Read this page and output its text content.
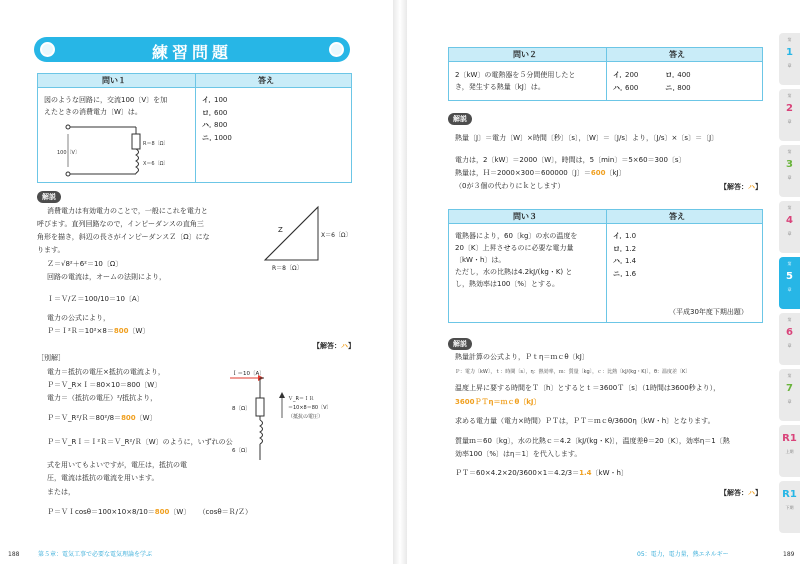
練習問題
問い１	答え
図のような回路に，交流100〔V〕を加
えたときの消費電力〔W〕は。
100〔V〕
R＝8〔Ω〕
X＝6〔Ω〕
イ．100
ロ．600
ハ．800
ニ．1000
解説
消費電力は有効電力のことで，一般にこれを電力と
呼びます。直列回路なので，インピーダンスの直角三
角形を描き，斜辺の長さがインピーダンスＺ〔Ω〕にな
ります。
Z
X＝6〔Ω〕
R＝8〔Ω〕
Ｚ＝√8²＋6²＝10〔Ω〕
回路の電流は，オームの法則により，
Ｉ＝Ｖ/Ｚ＝100/10＝10〔A〕
電力の公式により，
Ｐ＝Ｉ²Ｒ＝10²×8＝800〔W〕
【解答：ハ】
［別解］
電力＝抵抗の電圧×抵抗の電流より，
Ｐ＝Ｖ_R×Ｉ＝80×10＝800〔W〕
電力＝（抵抗の電圧）²/抵抗より，
Ｐ＝Ｖ_R²/Ｒ＝80²/8＝800〔W〕
Ｐ＝Ｖ_RＩ＝Ｉ²Ｒ＝Ｖ_R²/Ｒ〔W〕のように，いずれの公
式を用いてもよいですが，電圧は，抵抗の電
圧，電流は抵抗の電流を用います。
または，
Ｐ＝ＶＩcosθ＝100×10×8/10＝800〔W〕 （cosθ＝Ｒ/Ｚ）
Ｉ＝10〔A〕
8〔Ω〕
6〔Ω〕
Ｖ_R＝ＩＲ
＝10×8＝80〔V〕
（抵抗の電圧）
188	第５章：電気工事で必要な電気理論を学ぶ
問い２	答え
2〔kW〕の電熱器を５分間使用したと
き，発生する熱量〔kJ〕は。
イ．200	ロ．400
ハ．600	ニ．800
解説
熱量〔J〕＝電力〔W〕×時間〔秒〕〔s〕，〔W〕＝〔J/s〕より，〔J/s〕×〔s〕＝〔J〕
電力は，2〔kW〕＝2000〔W〕，時間は，5〔min〕＝5×60＝300〔s〕
熱量は，Ｈ＝2000×300＝600000〔J〕＝600〔kJ〕
（0が３個の代わりにｋとします）	【解答：ハ】
問い３	答え
電熱器により，60〔kg〕の水の温度を
20〔K〕上昇させるのに必要な電力量
〔kW・h〕は。
ただし，水の比熱は4.2kJ/(kg・K) と
し，熱効率は100〔%〕とする。
イ．1.0
ロ．1.2
ハ．1.4
ニ．1.6
（平成30年度下期出題）
解説
熱量計算の公式より，Ｐｔη＝ｍｃθ〔kJ〕
Ｐ：電力〔kW〕，ｔ：時間〔s〕，η：熱効率，ｍ：質量〔kg〕，ｃ：比熱〔kJ/(kg・K)〕，θ：温度差〔K〕
温度上昇に要する時間をＴ〔h〕とするとｔ＝3600Ｔ〔s〕（1時間は3600秒より），
3600ＰＴη＝ｍｃθ〔kJ〕
求める電力量（電力×時間）ＰＴは，ＰＴ＝ｍｃθ/3600η〔kW・h〕となります。
質量ｍ＝60〔kg〕，水の比熱ｃ＝4.2〔kJ/(kg・K)〕，温度差θ＝20〔K〕，効率η＝1〔熱
効率100〔%〕はη＝1〕を代入します。
ＰＴ＝60×4.2×20/3600×1＝4.2/3＝1.4〔kW・h〕
【解答：ハ】
05：電力，電力量，熱エネルギー	189
第
1
章
第
2
章
第
3
章
第
4
章
第
5
章
第
6
章
第
7
章
R1
上期
R1
下期
